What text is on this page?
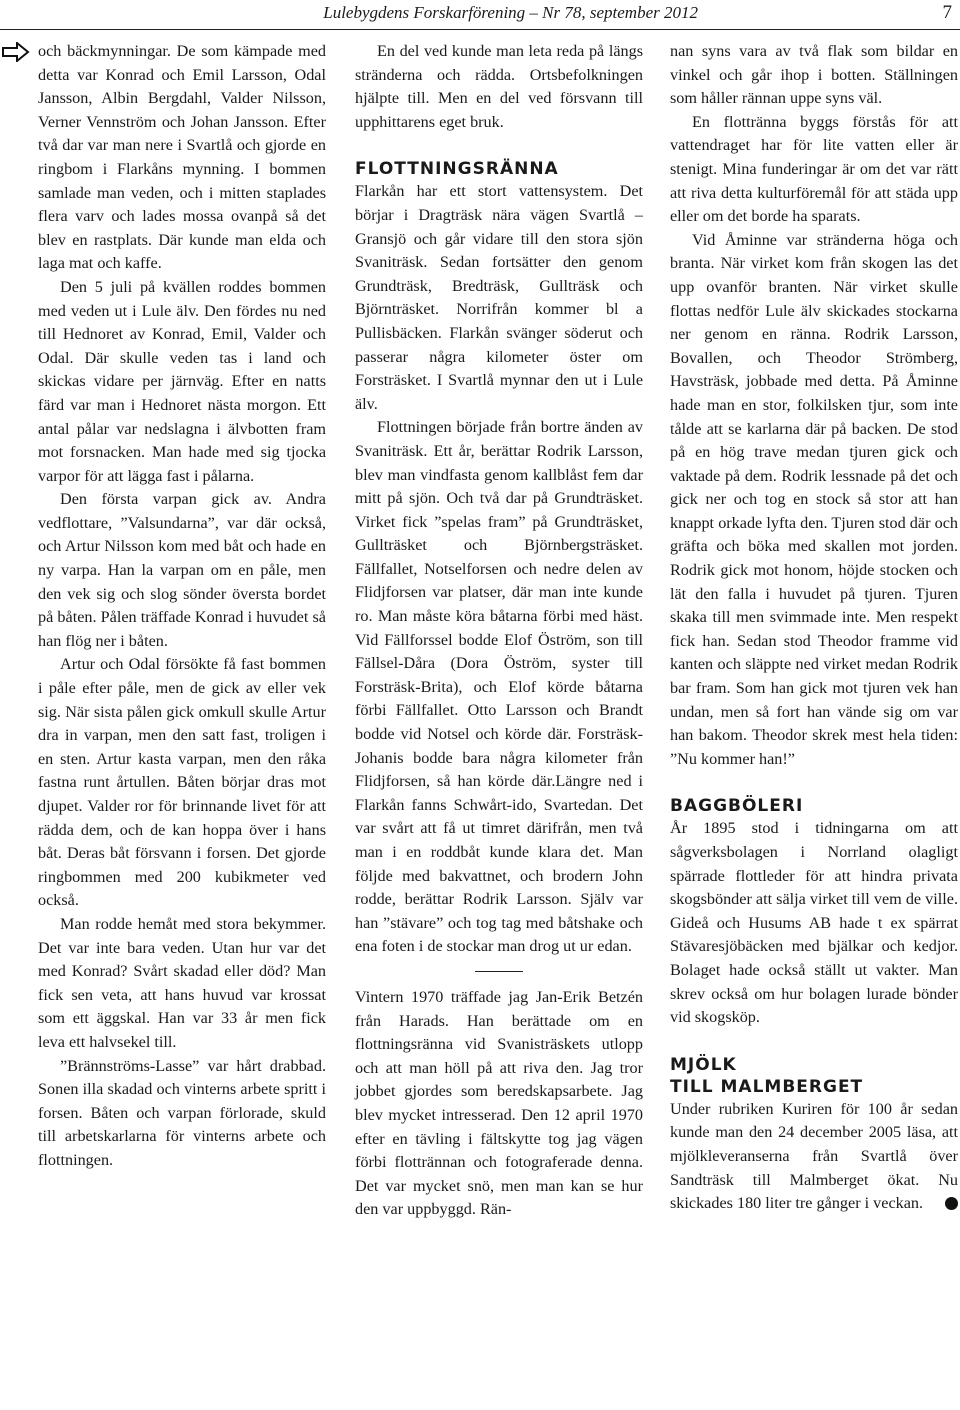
Lulebygdens Forskarförening – Nr 78, september 2012	7

och bäckmynningar. De som kämpade med detta var Konrad och Emil Larsson, Odal Jansson, Albin Bergdahl, Valder Nilsson, Verner Vennström och Johan Jansson. Efter två dar var man nere i Svartlå och gjorde en ringbom i Flarkåns mynning. I bommen samlade man veden, och i mitten staplades flera varv och lades mossa ovanpå så det blev en rastplats. Där kunde man elda och laga mat och kaffe.

Den 5 juli på kvällen roddes bommen med veden ut i Lule älv. Den fördes nu ned till Hednoret av Konrad, Emil, Valder och Odal. Där skulle veden tas i land och skickas vidare per järnväg. Efter en natts färd var man i Hednoret nästa morgon. Ett antal pålar var nedslagna i älvbotten fram mot forsnacken. Man hade med sig tjocka varpor för att lägga fast i pålarna.

Den första varpan gick av. Andra vedflottare, ”Valsundarna”, var där också, och Artur Nilsson kom med båt och hade en ny varpa. Han la varpan om en påle, men den vek sig och slog sönder översta bordet på båten. Pålen träffade Konrad i huvudet så han flög ner i båten.

Artur och Odal försökte få fast bommen i påle efter påle, men de gick av eller vek sig. När sista pålen gick omkull skulle Artur dra in varpan, men den satt fast, troligen i en sten. Artur kasta varpan, men den råka fastna runt årtullen. Båten börjar dras mot djupet. Valder ror för brinnande livet för att rädda dem, och de kan hoppa över i hans båt. Deras båt försvann i forsen. Det gjorde ringbommen med 200 kubikmeter ved också.

Man rodde hemåt med stora bekymmer. Det var inte bara veden. Utan hur var det med Konrad? Svårt skadad eller död? Man fick sen veta, att hans huvud var krossat som ett äggskal. Han var 33 år men fick leva ett halvsekel till.

”Brännströms-Lasse” var hårt drabbad. Sonen illa skadad och vinterns arbete spritt i forsen. Båten och varpan förlorade, skuld till arbetskarlarna för vinterns arbete och flottningen.

En del ved kunde man leta reda på längs stränderna och rädda. Ortsbefolkningen hjälpte till. Men en del ved försvann till upphittarens eget bruk.

FLOTTNINGSRÄNNA

Flarkån har ett stort vattensystem. Det börjar i Dragträsk nära vägen Svartlå – Gransjö och går vidare till den stora sjön Svaniträsk. Sedan fortsätter den genom Grundträsk, Bredträsk, Gullträsk och Björnträsket. Norrifrån kommer bl a Pullisbäcken. Flarkån svänger söderut och passerar några kilometer öster om Forsträsket. I Svartlå mynnar den ut i Lule älv.

Flottningen började från bortre änden av Svaniträsk. Ett år, berättar Rodrik Larsson, blev man vindfasta genom kallblåst fem dar mitt på sjön. Och två dar på Grundträsket. Virket fick ”spelas fram” på Grundträsket, Gullträsket och Björnbergsträsket. Fällfallet, Notselforsen och nedre delen av Flidjforsen var platser, där man inte kunde ro. Man måste köra båtarna förbi med häst. Vid Fällforssel bodde Elof Öström, son till Fällsel-Dåra (Dora Öström, syster till Forsträsk-Brita), och Elof körde båtarna förbi Fällfallet. Otto Larsson och Brandt bodde vid Notsel och körde där. Forsträsk-Johanis bodde bara några kilometer från Flidjforsen, så han körde där.Längre ned i Flarkån fanns Schwårt-ido, Svartedan. Det var svårt att få ut timret därifrån, men två man i en roddbåt kunde klara det. Man följde med bakvattnet, och brodern John rodde, berättar Rodrik Larsson. Själv var han ”stävare” och tog tag med båtshake och ena foten i de stockar man drog ut ur edan.

Vintern 1970 träffade jag Jan-Erik Betzén från Harads. Han berättade om en flottningsränna vid Svanisträskets utlopp och att man höll på att riva den. Jag tror jobbet gjordes som beredskapsarbete. Jag blev mycket intresserad. Den 12 april 1970 efter en tävling i fältskytte tog jag vägen förbi flottrännan och fotograferade denna. Det var mycket snö, men man kan se hur den var uppbyggd. Rän-

nan syns vara av två flak som bildar en vinkel och går ihop i botten. Ställningen som håller rännan uppe syns väl.

En flottränna byggs förstås för att vattendraget har för lite vatten eller är stenigt. Mina funderingar är om det var rätt att riva detta kulturföremål för att städa upp eller om det borde ha sparats.

Vid Åminne var stränderna höga och branta. När virket kom från skogen las det upp ovanför branten. När virket skulle flottas nedför Lule älv skickades stockarna ner genom en ränna. Rodrik Larsson, Bovallen, och Theodor Strömberg, Havsträsk, jobbade med detta. På Åminne hade man en stor, folkilsken tjur, som inte tålde att se karlarna där på backen. De stod på en hög trave medan tjuren gick och vaktade på dem. Rodrik lessnade på det och gick ner och tog en stock så stor att han knappt orkade lyfta den. Tjuren stod där och gräfta och böka med skallen mot jorden. Rodrik gick mot honom, höjde stocken och lät den falla i huvudet på tjuren. Tjuren skaka till men svimmade inte. Men respekt fick han. Sedan stod Theodor framme vid kanten och släppte ned virket medan Rodrik bar fram. Som han gick mot tjuren vek han undan, men så fort han vände sig om var han bakom. Theodor skrek mest hela tiden: ”Nu kommer han!”

BAGGBÖLERI

År 1895 stod i tidningarna om att sågverksbolagen i Norrland olagligt spärrade flottleder för att hindra privata skogsbönder att sälja virket till vem de ville. Gideå och Husums AB hade t ex spärrat Stävaresjöbäcken med bjälkar och kedjor. Bolaget hade också ställt ut vakter. Man skrev också om hur bolagen lurade bönder vid skogsköp.

MJÖLK
TILL MALMBERGET

Under rubriken Kuriren för 100 år sedan kunde man den 24 december 2005 läsa, att mjölkleveranserna från Svartlå över Sandträsk till Malmberget ökat. Nu skickades 180 liter tre gånger i veckan.
